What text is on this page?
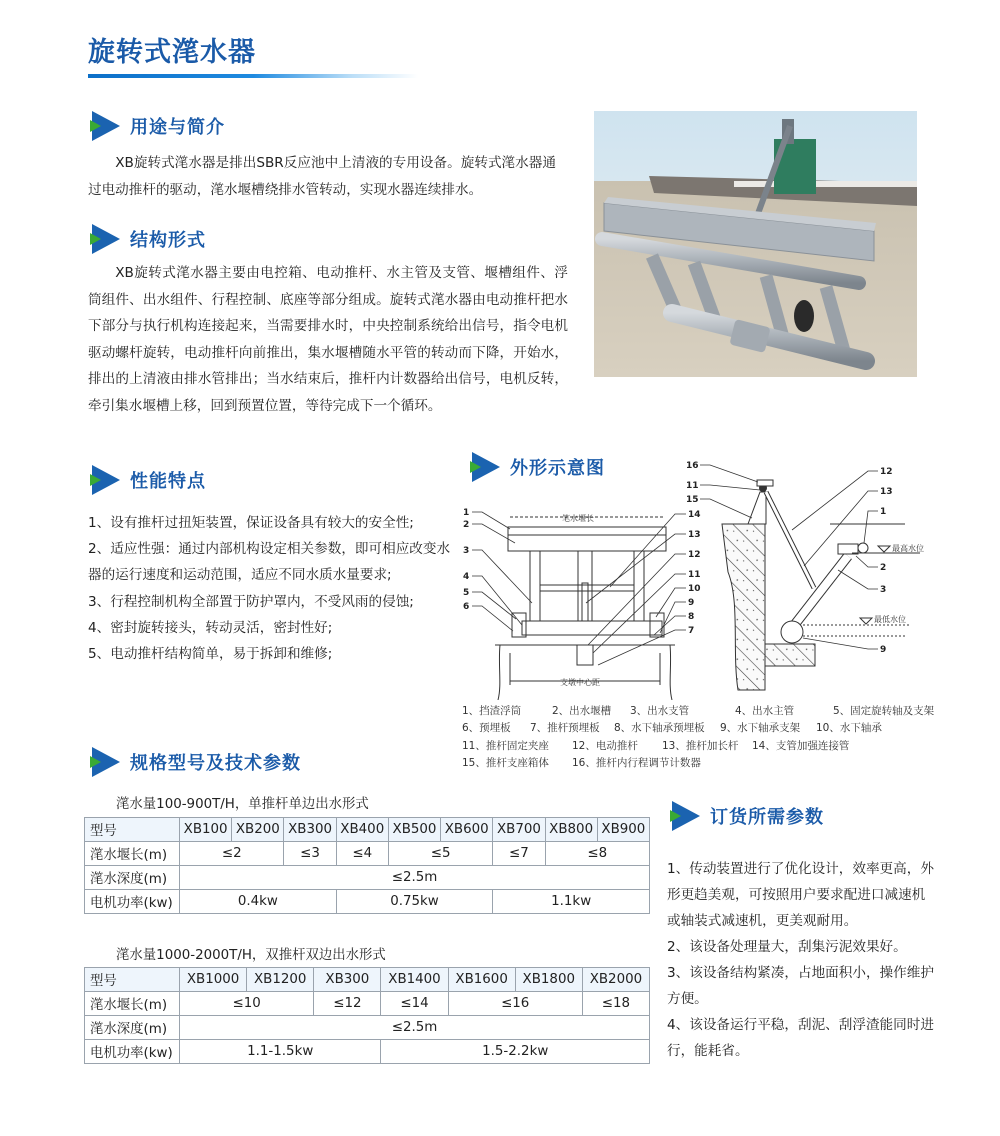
旋转式滗水器
用途与简介
XB旋转式滗水器是排出SBR反应池中上清液的专用设备。旋转式滗水器通过电动推杆的驱动，滗水堰槽绕排水管转动，实现水器连续排水。
结构形式
XB旋转式滗水器主要由电控箱、电动推杆、水主管及支管、堰槽组件、浮筒组件、出水组件、行程控制、底座等部分组成。旋转式滗水器由电动推杆把水下部分与执行机构连接起来，当需要排水时，中央控制系统给出信号，指令电机驱动螺杆旋转，电动推杆向前推出，集水堰槽随水平管的转动而下降，开始水，排出的上清液由排水管排出；当水结束后，推杆内计数器给出信号，电机反转，牵引集水堰槽上移，回到预置位置，等待完成下一个循环。
性能特点
1、设有推杆过扭矩装置，保证设备具有较大的安全性;
2、适应性强：通过内部机构设定相关参数，即可相应改变水器的运行速度和运动范围，适应不同水质水量要求;
3、行程控制机构全部置于防护罩内，不受风雨的侵蚀;
4、密封旋转接头，转动灵活，密封性好;
5、电动推杆结构简单，易于拆卸和维修;
外形示意图
笔水堰长
支墩中心距
1
2
3
4
5
6
14
13
12
11
10
9
8
7
最高水位
最低水位
16
11
15
12
13
1
2
3
9
1、挡渣浮筒	2、出水堰槽	3、出水支管	4、出水主管	5、固定旋转轴及支架
6、预埋板	7、推杆预埋板	8、水下轴承预埋板	9、水下轴承支架	10、水下轴承
11、推杆固定夹座	12、电动推杆	13、推杆加长杆	14、支管加强连接管
15、推杆支座箱体	16、推杆内行程调节计数器
规格型号及技术参数
滗水量100-900T/H，单推杆单边出水形式
型号	XB100	XB200	XB300	XB400	XB500	XB600	XB700	XB800	XB900
滗水堰长(m)	≤2		≤3	≤4	≤5		≤7	≤8	
滗水深度(m)	≤2.5m								
电机功率(kw)	0.4kw			0.75kw			1.1kw		
滗水量1000-2000T/H，双推杆双边出水形式
型号	XB1000	XB1200	XB300	XB1400	XB1600	XB1800	XB2000
滗水堰长(m)	≤10		≤12	≤14	≤16		≤18
滗水深度(m)	≤2.5m						
电机功率(kw)	1.1-1.5kw			1.5-2.2kw			
订货所需参数
1、传动装置进行了优化设计，效率更高，外形更趋美观，可按照用户要求配进口减速机或轴装式减速机，更美观耐用。
2、该设备处理量大，刮集污泥效果好。
3、该设备结构紧凑，占地面积小，操作维护方便。
4、该设备运行平稳，刮泥、刮浮渣能同时进行，能耗省。
